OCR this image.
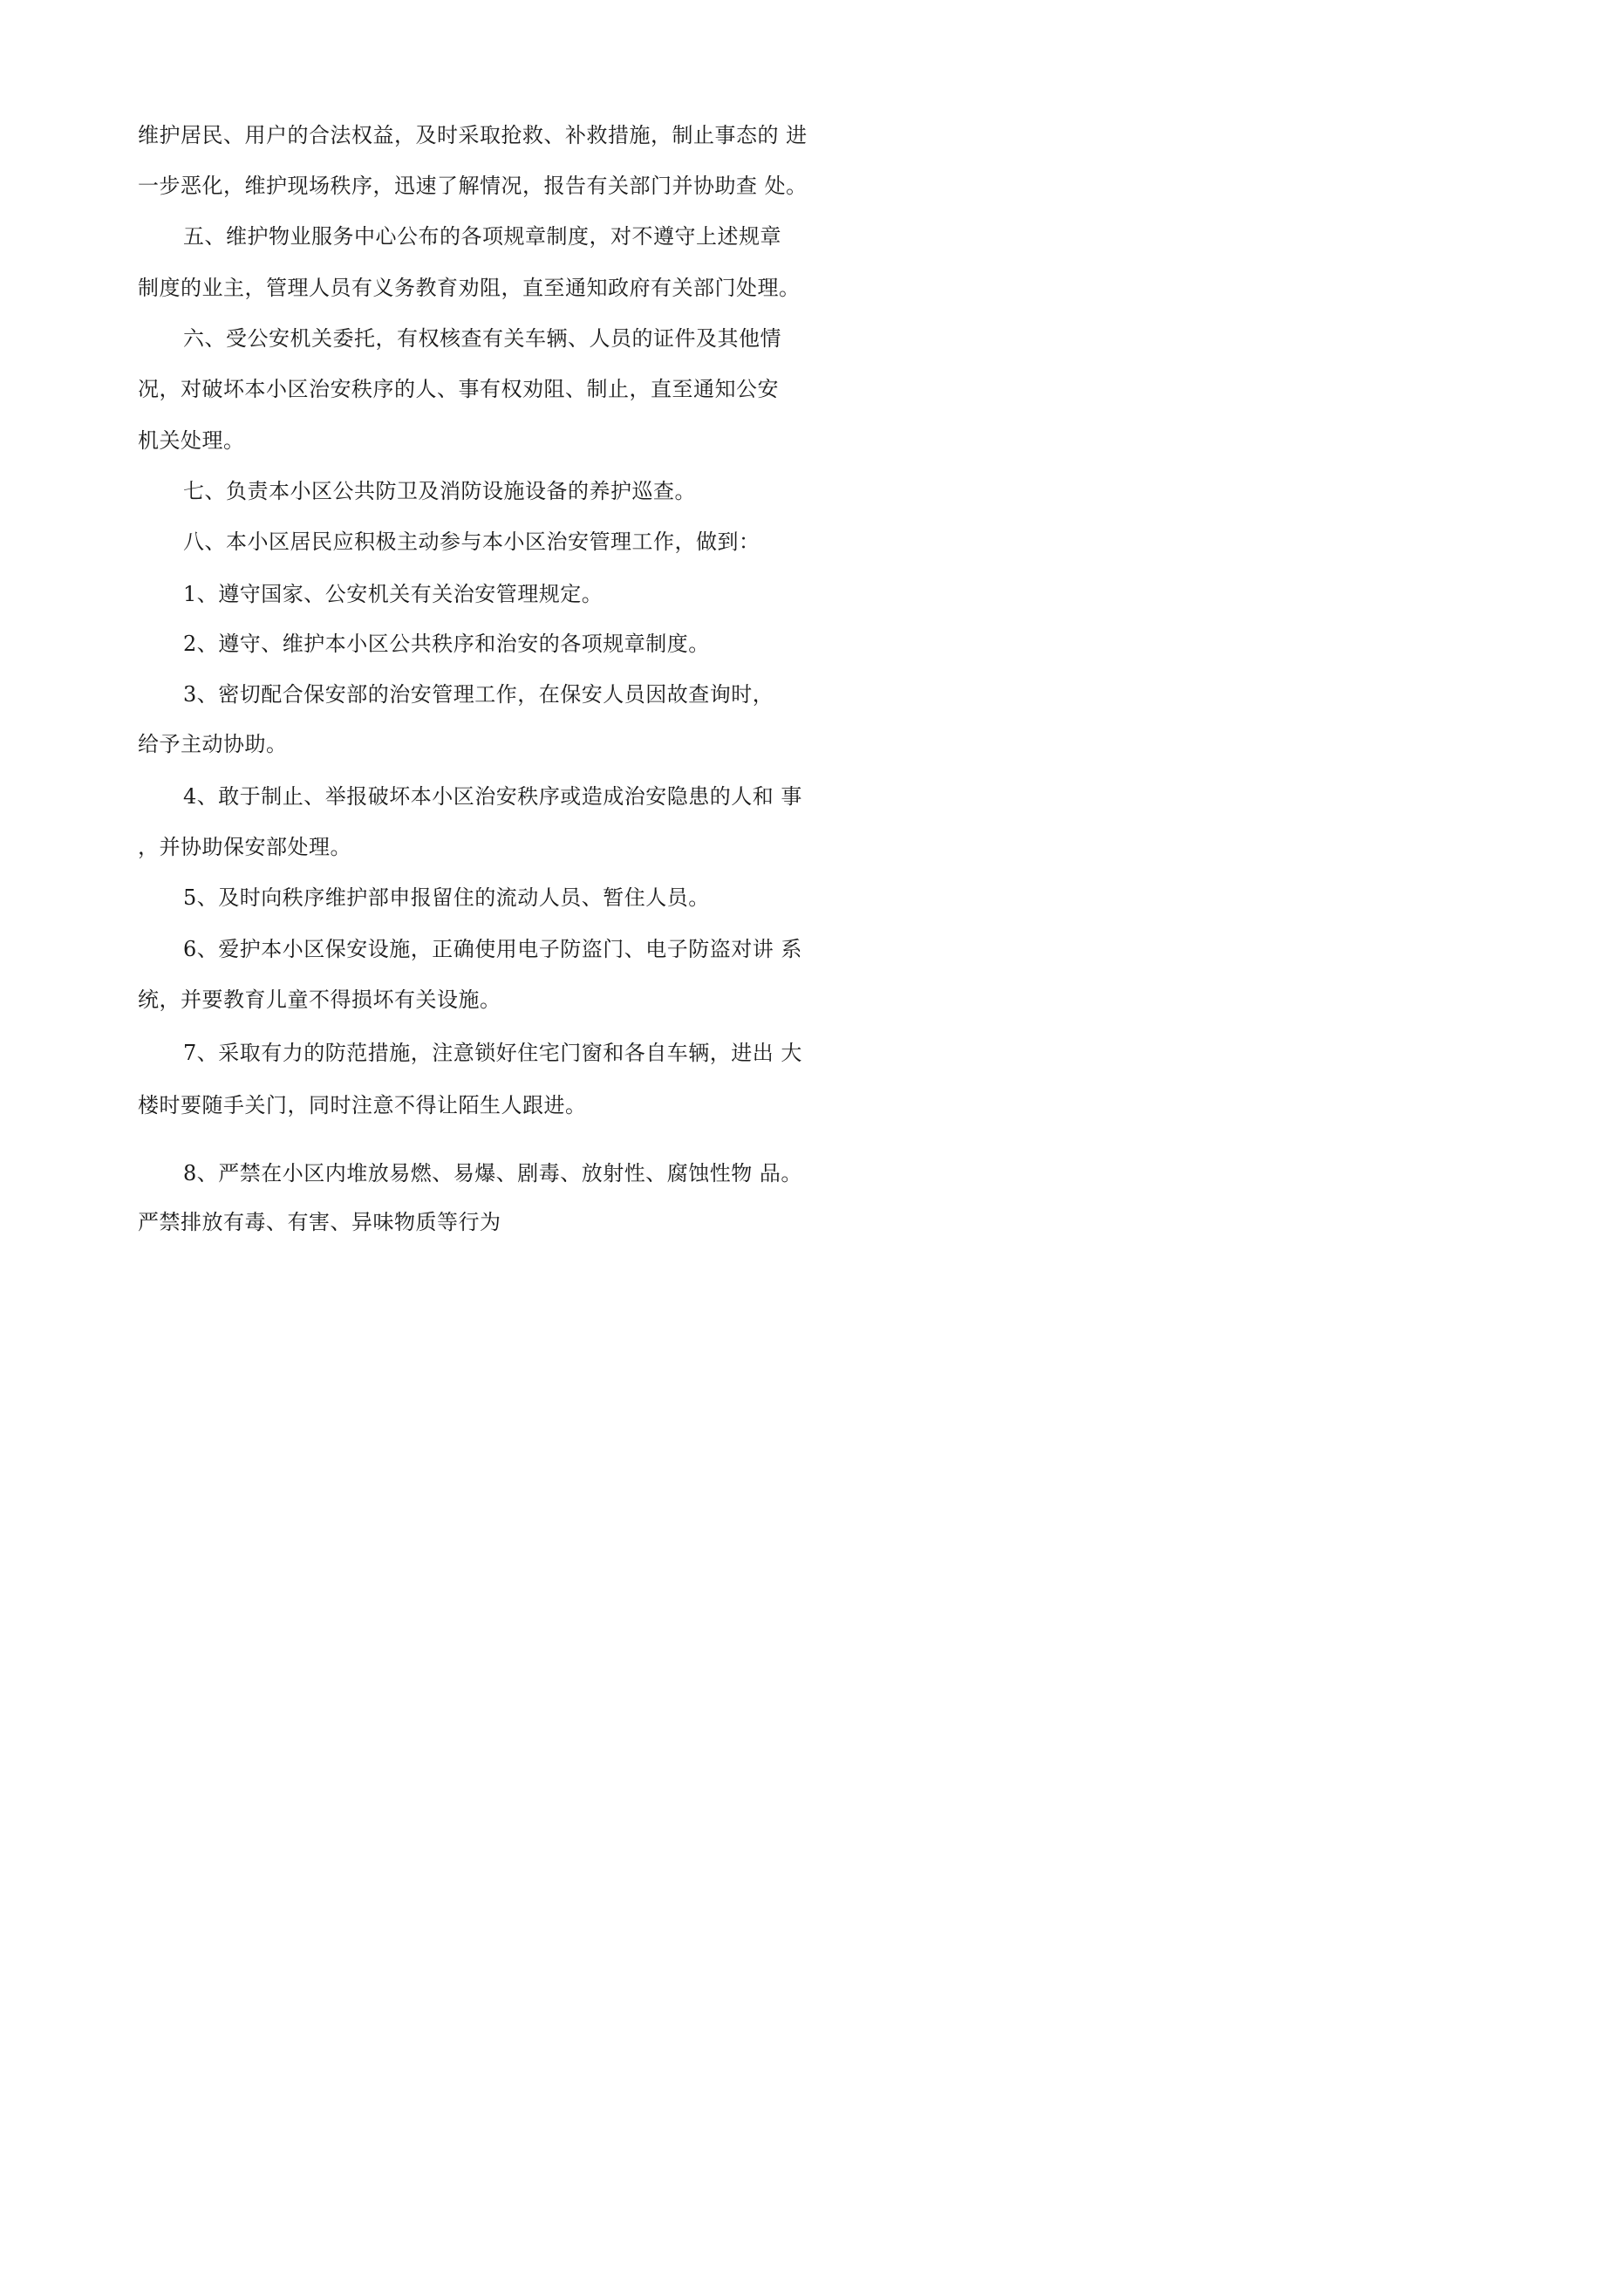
维护居民、用户的合法权益，及时采取抢救、补救措施，制止事态的 进

一步恶化，维护现场秩序，迅速了解情况，报告有关部门并协助查 处。

五、维护物业服务中心公布的各项规章制度，对不遵守上述规章

制度的业主，管理人员有义务教育劝阻，直至通知政府有关部门处理。

六、受公安机关委托，有权核查有关车辆、人员的证件及其他情

况，对破坏本小区治安秩序的人、事有权劝阻、制止，直至通知公安

机关处理。

七、负责本小区公共防卫及消防设施设备的养护巡查。

八、本小区居民应积极主动参与本小区治安管理工作，做到：

1、遵守国家、公安机关有关治安管理规定。

2、遵守、维护本小区公共秩序和治安的各项规章制度。

3、密切配合保安部的治安管理工作，在保安人员因故查询时，

给予主动协助。

4、敢于制止、举报破坏本小区治安秩序或造成治安隐患的人和 事

，并协助保安部处理。

5、及时向秩序维护部申报留住的流动人员、暂住人员。

6、爱护本小区保安设施，正确使用电子防盗门、电子防盗对讲 系

统，并要教育儿童不得损坏有关设施。

7、采取有力的防范措施，注意锁好住宅门窗和各自车辆，进出 大

楼时要随手关门，同时注意不得让陌生人跟进。

8、严禁在小区内堆放易燃、易爆、剧毒、放射性、腐蚀性物 品。

严禁排放有毒、有害、异味物质等行为
